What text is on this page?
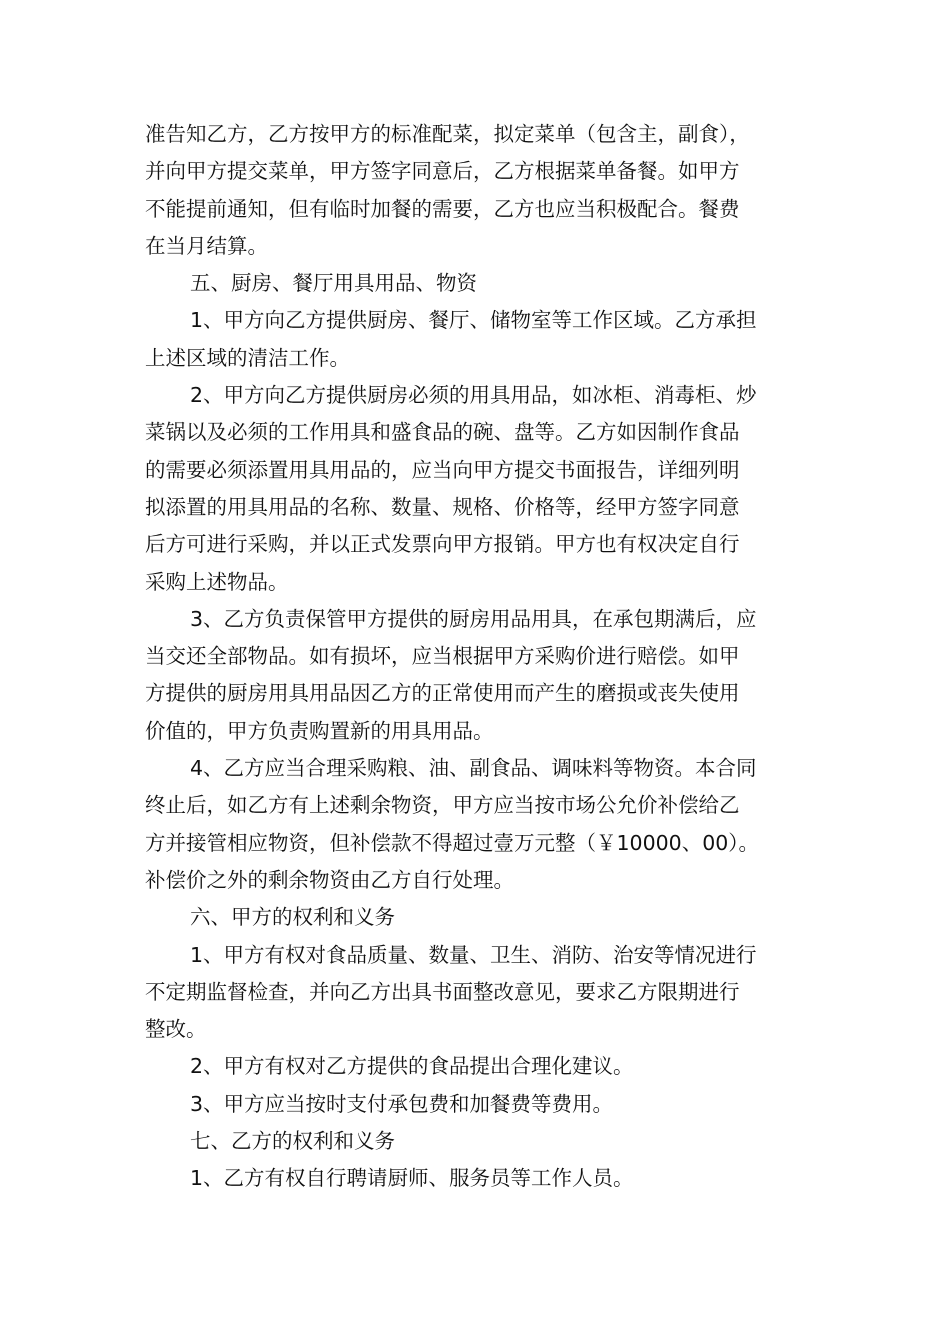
准告知乙方，乙方按甲方的标准配菜，拟定菜单（包含主，副食），
并向甲方提交菜单，甲方签字同意后，乙方根据菜单备餐。如甲方
不能提前通知，但有临时加餐的需要，乙方也应当积极配合。餐费
在当月结算。
五、厨房、餐厅用具用品、物资
1、甲方向乙方提供厨房、餐厅、储物室等工作区域。乙方承担
上述区域的清洁工作。
2、甲方向乙方提供厨房必须的用具用品，如冰柜、消毒柜、炒
菜锅以及必须的工作用具和盛食品的碗、盘等。乙方如因制作食品
的需要必须添置用具用品的，应当向甲方提交书面报告，详细列明
拟添置的用具用品的名称、数量、规格、价格等，经甲方签字同意
后方可进行采购，并以正式发票向甲方报销。甲方也有权决定自行
采购上述物品。
3、乙方负责保管甲方提供的厨房用品用具，在承包期满后，应
当交还全部物品。如有损坏，应当根据甲方采购价进行赔偿。如甲
方提供的厨房用具用品因乙方的正常使用而产生的磨损或丧失使用
价值的，甲方负责购置新的用具用品。
4、乙方应当合理采购粮、油、副食品、调味料等物资。本合同
终止后，如乙方有上述剩余物资，甲方应当按市场公允价补偿给乙
方并接管相应物资，但补偿款不得超过壹万元整（￥10000、00）。
补偿价之外的剩余物资由乙方自行处理。
六、甲方的权利和义务
1、甲方有权对食品质量、数量、卫生、消防、治安等情况进行
不定期监督检查，并向乙方出具书面整改意见，要求乙方限期进行
整改。
2、甲方有权对乙方提供的食品提出合理化建议。
3、甲方应当按时支付承包费和加餐费等费用。
七、乙方的权利和义务
1、乙方有权自行聘请厨师、服务员等工作人员。
